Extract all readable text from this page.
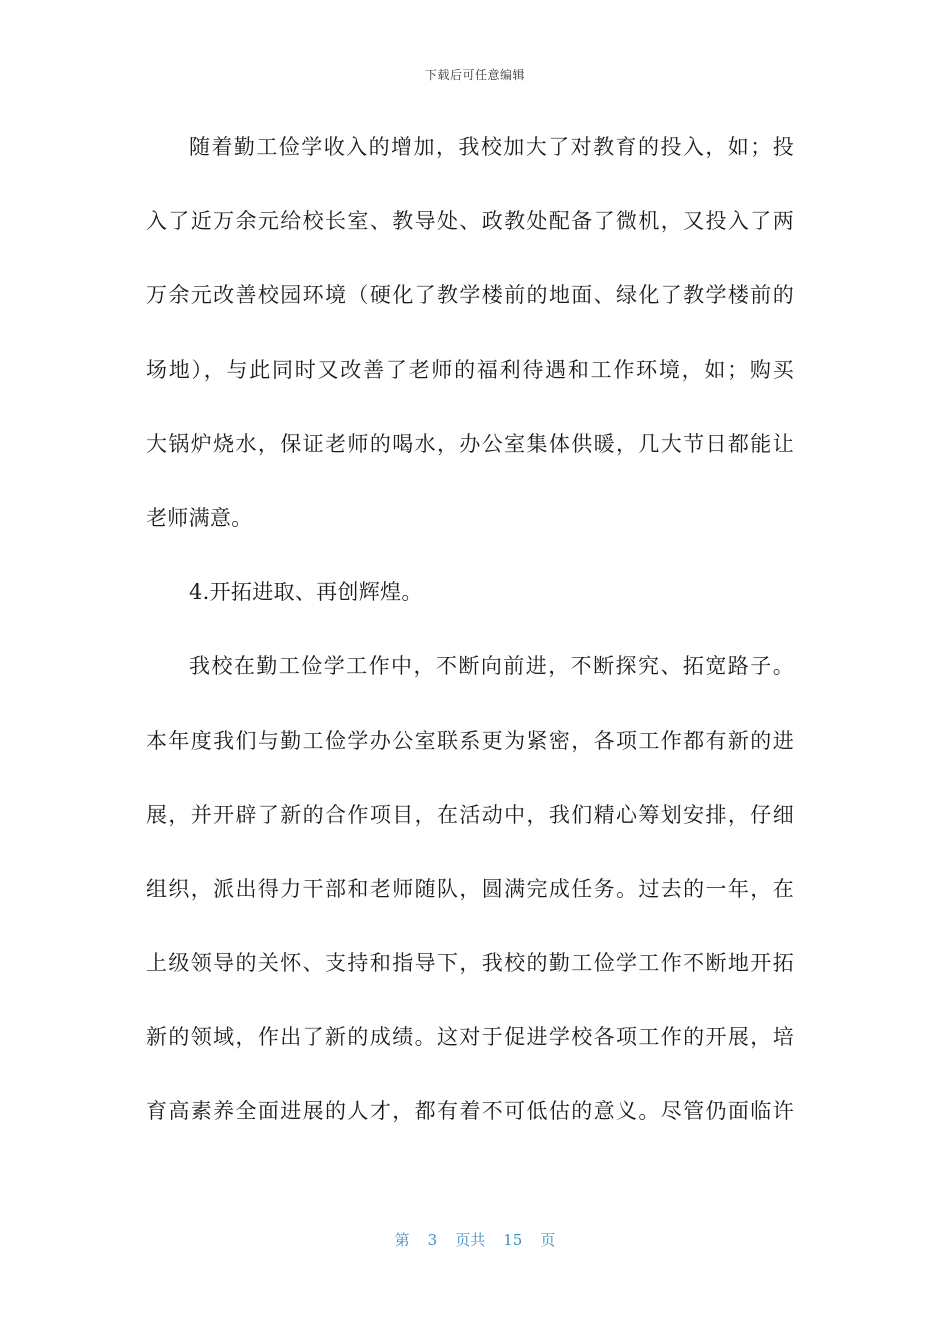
下载后可任意编辑
随着勤工俭学收入的增加，我校加大了对教育的投入，如；投
入了近万余元给校长室、教导处、政教处配备了微机，又投入了两
万余元改善校园环境（硬化了教学楼前的地面、绿化了教学楼前的
场地），与此同时又改善了老师的福利待遇和工作环境，如；购买
大锅炉烧水，保证老师的喝水，办公室集体供暖，几大节日都能让
老师满意。
4.开拓进取、再创辉煌。
我校在勤工俭学工作中，不断向前进，不断探究、拓宽路子。
本年度我们与勤工俭学办公室联系更为紧密，各项工作都有新的进
展，并开辟了新的合作项目，在活动中，我们精心筹划安排，仔细
组织，派出得力干部和老师随队，圆满完成任务。过去的一年，在
上级领导的关怀、支持和指导下，我校的勤工俭学工作不断地开拓
新的领域，作出了新的成绩。这对于促进学校各项工作的开展，培
育高素养全面进展的人才，都有着不可低估的意义。尽管仍面临许
第 3 页共 15 页
